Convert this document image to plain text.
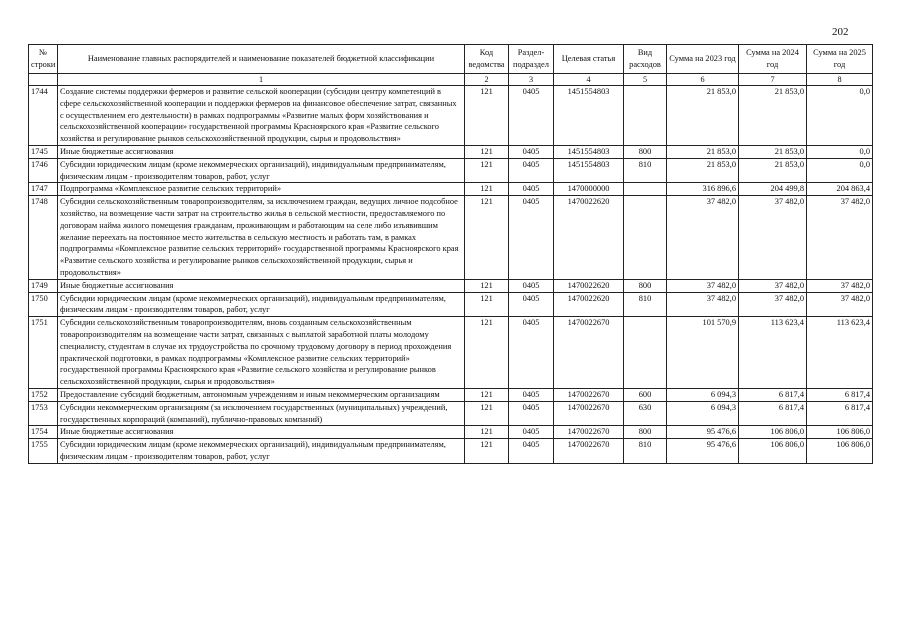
202
№ строки	Наименование главных распорядителей и наименование показателей бюджетной классификации	Код ведомства	Раздел-подраздел	Целевая статья	Вид расходов	Сумма на 2023 год	Сумма на 2024 год	Сумма на 2025 год
	1	2	3	4	5	6	7	8
1744	Создание системы поддержки фермеров и развитие сельской кооперации (субсидии центру компетенций в сфере сельскохозяйственной кооперации и поддержки фермеров на финансовое обеспечение затрат, связанных с осуществлением его деятельности) в рамках подпрограммы «Развитие малых форм хозяйствования и сельскохозяйственной кооперации» государственной программы Красноярского края «Развитие сельского хозяйства и регулирование рынков сельскохозяйственной продукции, сырья и продовольствия»	121	0405	1451554803		21 853,0	21 853,0	0,0
1745	Иные бюджетные ассигнования	121	0405	1451554803	800	21 853,0	21 853,0	0,0
1746	Субсидии юридическим лицам (кроме некоммерческих организаций), индивидуальным предпринимателям, физическим лицам - производителям товаров, работ, услуг	121	0405	1451554803	810	21 853,0	21 853,0	0,0
1747	Подпрограмма «Комплексное развитие сельских территорий»	121	0405	1470000000		316 896,6	204 499,8	204 863,4
1748	Субсидии сельскохозяйственным товаропроизводителям, за исключением граждан, ведущих личное подсобное хозяйство, на возмещение части затрат на строительство жилья в сельской местности, предоставляемого по договорам найма жилого помещения гражданам, проживающим и работающим на селе либо изъявившим желание переехать на постоянное место жительства в сельскую местность и работать там, в рамках подпрограммы «Комплексное развитие сельских территорий» государственной программы Красноярского края «Развитие сельского хозяйства и регулирование рынков сельскохозяйственной продукции, сырья и продовольствия»	121	0405	1470022620		37 482,0	37 482,0	37 482,0
1749	Иные бюджетные ассигнования	121	0405	1470022620	800	37 482,0	37 482,0	37 482,0
1750	Субсидии юридическим лицам (кроме некоммерческих организаций), индивидуальным предпринимателям, физическим лицам - производителям товаров, работ, услуг	121	0405	1470022620	810	37 482,0	37 482,0	37 482,0
1751	Субсидии сельскохозяйственным товаропроизводителям, вновь созданным сельскохозяйственным товаропроизводителям на возмещение части затрат, связанных с выплатой заработной платы молодому специалисту, студентам в случае их трудоустройства по срочному трудовому договору в период прохождения практической подготовки, в рамках подпрограммы «Комплексное развитие сельских территорий» государственной программы Красноярского края «Развитие сельского хозяйства и регулирование рынков сельскохозяйственной продукции, сырья и продовольствия»	121	0405	1470022670		101 570,9	113 623,4	113 623,4
1752	Предоставление субсидий бюджетным, автономным учреждениям и иным некоммерческим организациям	121	0405	1470022670	600	6 094,3	6 817,4	6 817,4
1753	Субсидии некоммерческим организациям (за исключением государственных (муниципальных) учреждений, государственных корпораций (компаний), публично-правовых компаний)	121	0405	1470022670	630	6 094,3	6 817,4	6 817,4
1754	Иные бюджетные ассигнования	121	0405	1470022670	800	95 476,6	106 806,0	106 806,0
1755	Субсидии юридическим лицам (кроме некоммерческих организаций), индивидуальным предпринимателям, физическим лицам - производителям товаров, работ, услуг	121	0405	1470022670	810	95 476,6	106 806,0	106 806,0
